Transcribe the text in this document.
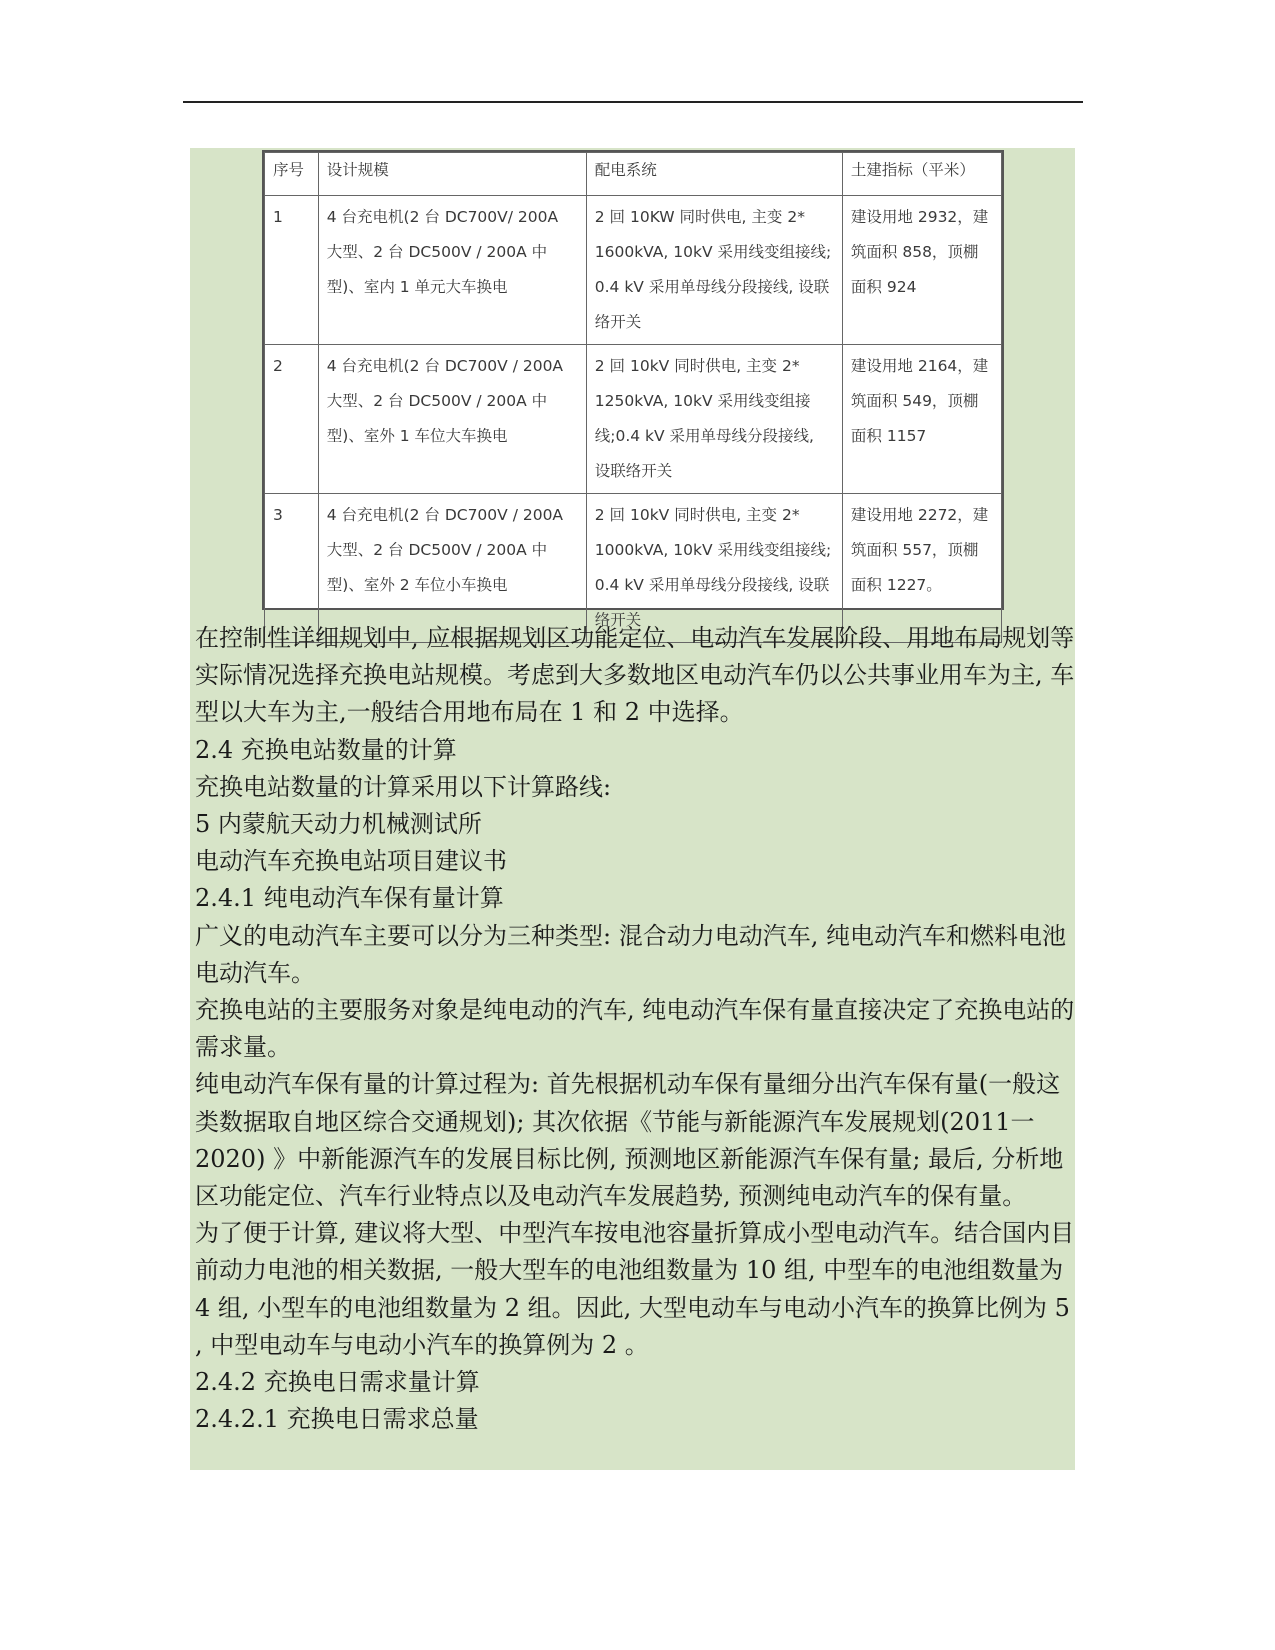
序号	设计规模	配电系统	土建指标（平米）
1	4 台充电机(2 台 DC700V/ 200A 大型、2 台 DC500V / 200A 中型)、室内 1 单元大车换电	2 回 10KW 同时供电, 主变 2* 1600kVA, 10kV 采用线变组接线; 0.4 kV 采用单母线分段接线, 设联络开关	建设用地 2932，建筑面积 858，顶棚面积 924
2	4 台充电机(2 台 DC700V / 200A 大型、2 台 DC500V / 200A 中型)、室外 1 车位大车换电	2 回 10kV 同时供电, 主变 2* 1250kVA, 10kV 采用线变组接线;0.4 kV 采用单母线分段接线, 设联络开关	建设用地 2164，建筑面积 549，顶棚面积 1157
3	4 台充电机(2 台 DC700V / 200A 大型、2 台 DC500V / 200A 中型)、室外 2 车位小车换电	2 回 10kV 同时供电, 主变 2* 1000kVA, 10kV 采用线变组接线; 0.4 kV 采用单母线分段接线, 设联络开关	建设用地 2272，建筑面积 557，顶棚面积 1227。

在控制性详细规划中, 应根据规划区功能定位、电动汽车发展阶段、用地布局规划等实际情况选择充换电站规模。考虑到大多数地区电动汽车仍以公共事业用车为主, 车型以大车为主,一般结合用地布局在 1 和 2 中选择。

2.4 充换电站数量的计算

充换电站数量的计算采用以下计算路线:

5 内蒙航天动力机械测试所

电动汽车充换电站项目建议书

2.4.1 纯电动汽车保有量计算

广义的电动汽车主要可以分为三种类型: 混合动力电动汽车, 纯电动汽车和燃料电池电动汽车。

充换电站的主要服务对象是纯电动的汽车, 纯电动汽车保有量直接决定了充换电站的需求量。

纯电动汽车保有量的计算过程为: 首先根据机动车保有量细分出汽车保有量(一般这类数据取自地区综合交通规划); 其次依据《节能与新能源汽车发展规划(2011一 2020) 》中新能源汽车的发展目标比例, 预测地区新能源汽车保有量; 最后, 分析地区功能定位、汽车行业特点以及电动汽车发展趋势, 预测纯电动汽车的保有量。

为了便于计算, 建议将大型、中型汽车按电池容量折算成小型电动汽车。结合国内目前动力电池的相关数据, 一般大型车的电池组数量为 10 组, 中型车的电池组数量为 4 组, 小型车的电池组数量为 2 组。因此, 大型电动车与电动小汽车的换算比例为 5 , 中型电动车与电动小汽车的换算例为 2 。

2.4.2 充换电日需求量计算

2.4.2.1 充换电日需求总量
